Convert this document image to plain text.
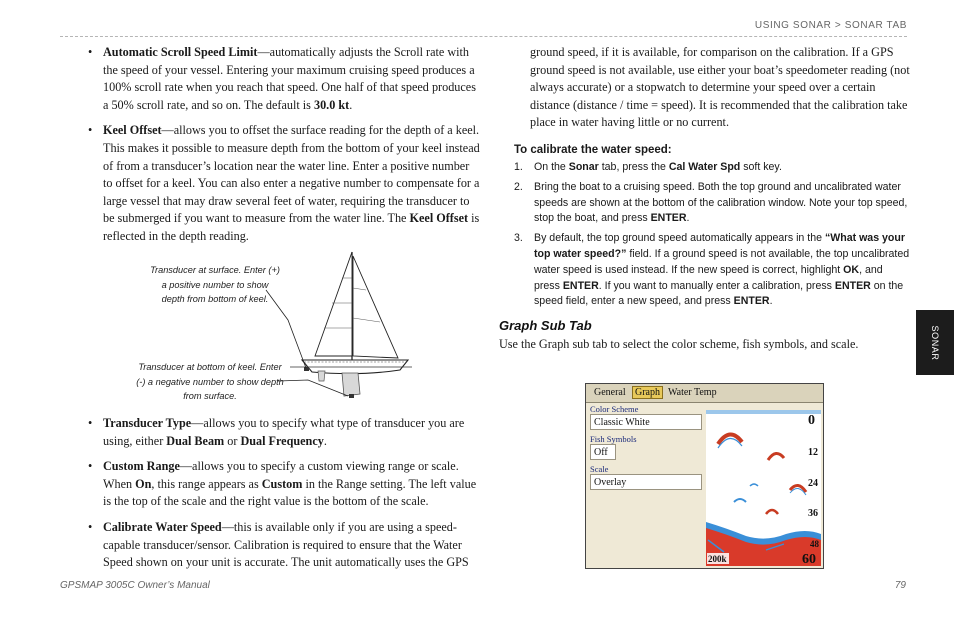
USING SONAR > SONAR TAB
• Automatic Scroll Speed Limit—automatically adjusts the Scroll rate with the speed of your vessel. Entering your maximum cruising speed produces a 100% scroll rate when you reach that speed. One half of that speed produces a 50% scroll rate, and so on. The default is 30.0 kt.
• Keel Offset—allows you to offset the surface reading for the depth of a keel. This makes it possible to measure depth from the bottom of your keel instead of from a transducer’s location near the water line. Enter a positive number to offset for a keel. You can also enter a negative number to compensate for a large vessel that may draw several feet of water, requiring the transducer to be submerged if you want to measure from the water line. The Keel Offset is reflected in the depth reading.
Transducer at surface. Enter (+) a positive number to show depth from bottom of keel.
Transducer at bottom of keel. Enter (-) a negative number to show depth from surface.
• Transducer Type—allows you to specify what type of transducer you are using, either Dual Beam or Dual Frequency.
• Custom Range—allows you to specify a custom viewing range or scale. When On, this range appears as Custom in the Range setting. The left value is the top of the scale and the right value is the bottom of the scale.
• Calibrate Water Speed—this is available only if you are using a speed-capable transducer/sensor. Calibration is required to ensure that the Water Speed shown on your unit is accurate. The unit automatically uses the GPS

ground speed, if it is available, for comparison on the calibration. If a GPS ground speed is not available, use either your boat’s speedometer reading (not always accurate) or a stopwatch to determine your speed over a certain distance (distance / time = speed). It is recommended that the calibration take place in water having little or no current.

To calibrate the water speed:
1. On the Sonar tab, press the Cal Water Spd soft key.
2. Bring the boat to a cruising speed. Both the top ground and uncalibrated water speeds are shown at the bottom of the calibration window. Note your top speed, stop the boat, and press ENTER.
3. By default, the top ground speed automatically appears in the “What was your top water speed?” field. If a ground speed is not available, the top uncalibrated water speed is used instead. If the new speed is correct, highlight OK, and press ENTER. If you want to manually enter a calibration, press ENTER on the speed field, enter a new speed, and press ENTER.
Graph Sub Tab

Use the Graph sub tab to select the color scheme, fish symbols, and scale.

General Graph Water Temp
Color Scheme
Classic White
Fish Symbols
Off
Scale
Overlay
0
12
24
36
48
60
200k
SONAR
GPSMAP 3005C Owner’s Manual	79
